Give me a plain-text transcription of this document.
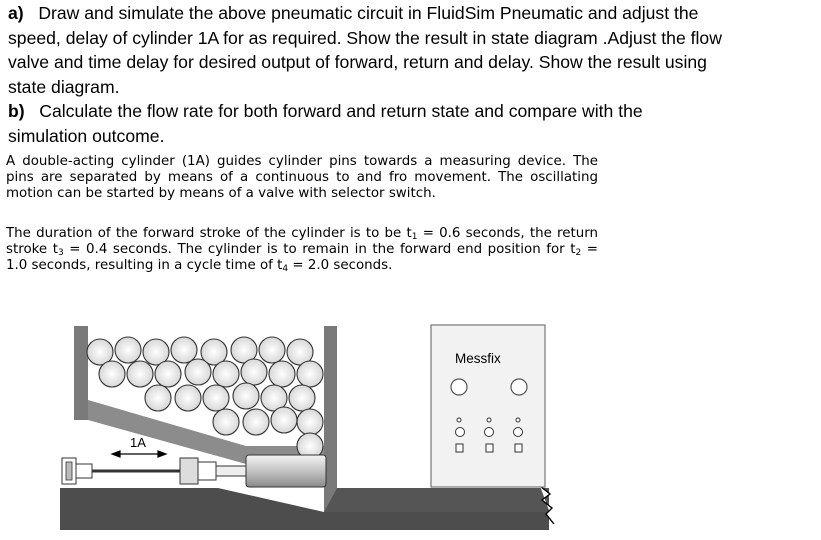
a) Draw and simulate the above pneumatic circuit in FluidSim Pneumatic and adjust the
speed, delay of cylinder 1A for as required. Show the result in state diagram .Adjust the flow
valve and time delay for desired output of forward, return and delay. Show the result using
state diagram.
b) Calculate the flow rate for both forward and return state and compare with the
simulation outcome.
A double-acting cylinder (1A) guides cylinder pins towards a measuring device. The pins are separated by means of a continuous to and fro movement. The oscillating motion can be started by means of a valve with selector switch.
The duration of the forward stroke of the cylinder is to be $t_1 = 0.6$ seconds, the return stroke $t_3 = 0.4$ seconds. The cylinder is to remain in the forward end position for $t_2 = 1.0$ seconds, resulting in a cycle time of $t_4 = 2.0$ seconds.
1A
Messfix
